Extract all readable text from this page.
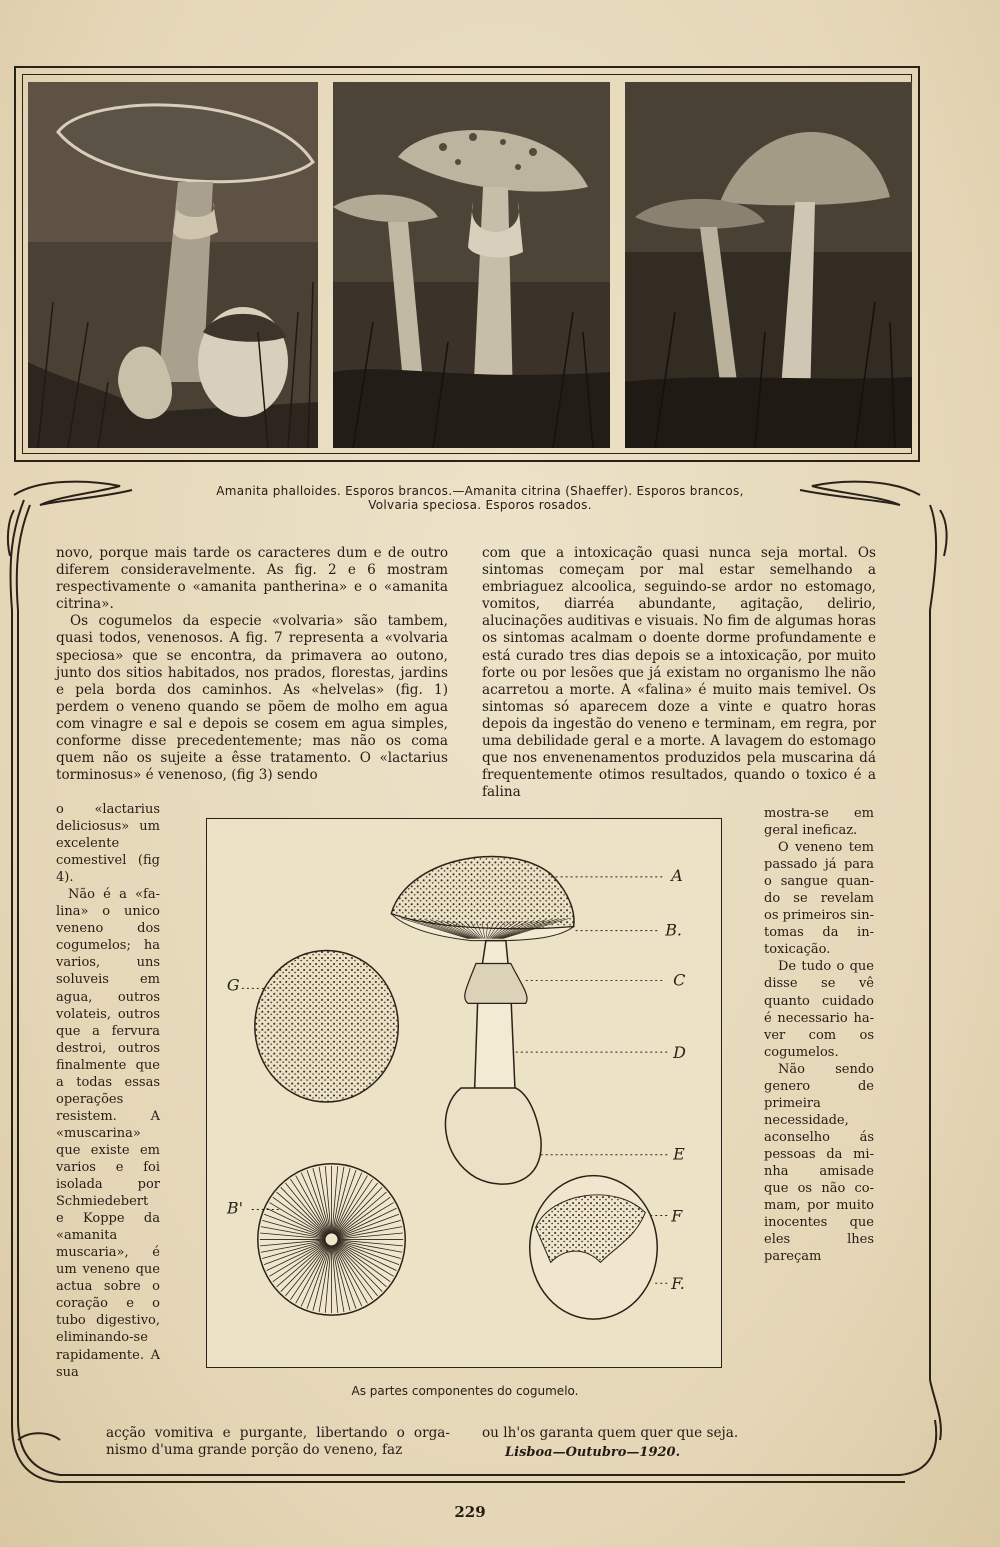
Amanita phalloides. Esporos brancos.—Amanita citrina (Shaeffer). Esporos brancos,
Volvaria speciosa. Esporos rosados.

novo, porque mais tarde os caracteres dum e de outro diferem consideravelmente. As fig. 2 e 6 mostram respectivamente o «amanita pantherina» e o «amanita citrina».

Os cogumelos da especie «volvaria» são tambem, quasi todos, venenosos. A fig. 7 representa a «volvaria speciosa» que se encontra, da primavera ao outono, junto dos sitios habitados, nos prados, florestas, jardins e pela borda dos caminhos. As «helvelas» (fig. 1) perdem o veneno quando se põem de molho em agua com vinagre e sal e depois se cosem em agua simples, conforme disse precedentemente; mas não os coma quem não os sujeite a êsse tratamento. O «lactarius torminosus» é venenoso, (fig 3) sendo

o «lactarius deliciosus» um excelente comestivel (fig 4).

Não é a «falina» o unico veneno dos cogumelos; ha varios, uns soluveis em agua, outros volateis, outros que a fervura destroi, outros finalmente que a todas essas operações resistem. A «muscarina» que existe em varios e foi isolada por Schmiedebert e Koppe da «amanita muscaria», é um veneno que actua sobre o coração e o tubo digestivo, eliminando-se rapidamente. A sua

com que a intoxicação quasi nunca seja mortal. Os sintomas começam por mal estar semelhando a embriaguez alcoolica, seguindo-se ardor no estomago, vomitos, diarréa abundante, agitação, delirio, alucinações auditivas e visuais. No fim de algumas horas os sintomas acalmam o doente dorme profundamente e está curado tres dias depois se a intoxicação, por muito forte ou por lesões que já existam no organismo lhe não acarretou a morte. A «falina» é muito mais temivel. Os sintomas só aparecem doze a vinte e quatro horas depois da ingestão do veneno e terminam, em regra, por uma debilidade geral e a morte. A lavagem do estomago que nos envenenamentos produzidos pela muscarina dá frequentemente otimos resultados, quando o toxico é a falina

mostra-se em geral ineficaz.

O veneno tem passado já para o sangue quando se revelam os primeiros sintomas da intoxicação.

De tudo o que disse se vê quanto cuidado é necessario haver com os cogumelos.

Não sendo genero de primeira necessidade, aconselho ás pessoas da minha amisade que os não comam, por muito inocentes que eles lhes pareçam

acção vomitiva e purgante, libertando o organismo d'uma grande porção do veneno, faz

ou lh'os garanta quem quer que seja.

Lisboa—Outubro—1920.
A
B.
C
D
E
F
F.
G
B'
As partes componentes do cogumelo.
229
